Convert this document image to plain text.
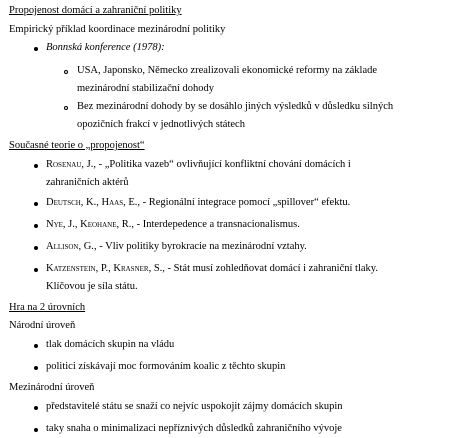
Propojenost domácí a zahraniční politiky
Empirický příklad koordinace mezinárodní politiky
Bonnská konference (1978):
USA, Japonsko, Německo zrealizovali ekonomické reformy na základe
mezinárodní stabilizační dohody
Bez mezinárodní dohody by se dosáhlo jiných výsledků v důsledku silných
opozičních frakcí v jednotlivých státech
Současné teorie o „propojenost“
Rosenau, J., - „Politika vazeb“ ovlivňující konfliktní chování domácích i
zahraničních aktérů
Deutsch, K., Haas, E., - Regionální integrace pomocí „spillover“ efektu.
Nye, J., Keohane, R., - Interdepedence a transnacionalismus.
Allison, G., - Vliv politiky byrokracie na mezinárodní vztahy.
Katzenstein, P., Krasner, S., - Stát musí zohledňovat domácí i zahraniční tlaky.
Klíčovou je síla státu.
Hra na 2 úrovních
Národní úroveň
tlak domácích skupin na vládu
politici získávají moc formováním koalic z těchto skupin
Mezinárodní úroveň
představitelé státu se snaží co nejvíc uspokojit zájmy domácích skupin
taky snaha o minimalizaci nepříznivých důsledků zahraničního vývoje
